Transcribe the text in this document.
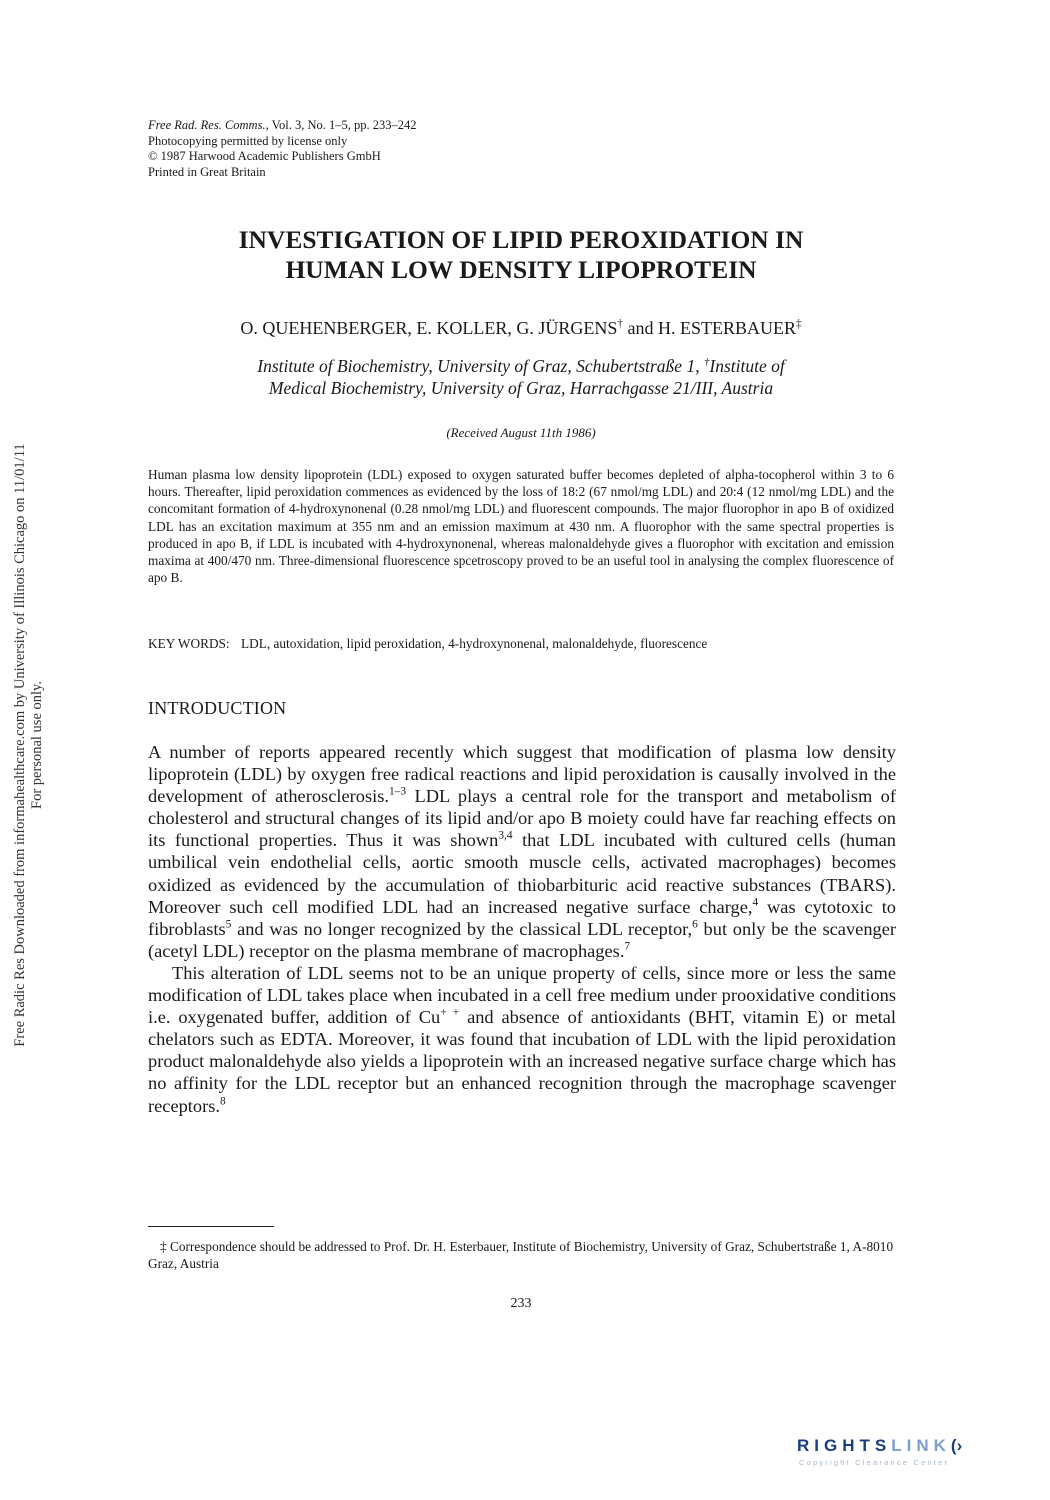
Free Radic Res Downloaded from informahealthcare.com by University of Illinois Chicago on 11/01/11 For personal use only.
Free Rad. Res. Comms., Vol. 3, No. 1–5, pp. 233–242
Photocopying permitted by license only
© 1987 Harwood Academic Publishers GmbH
Printed in Great Britain
INVESTIGATION OF LIPID PEROXIDATION IN
HUMAN LOW DENSITY LIPOPROTEIN
O. QUEHENBERGER, E. KOLLER, G. JÜRGENS† and H. ESTERBAUER‡
Institute of Biochemistry, University of Graz, Schubertstraße 1, †Institute of
Medical Biochemistry, University of Graz, Harrachgasse 21/III, Austria
(Received August 11th 1986)
Human plasma low density lipoprotein (LDL) exposed to oxygen saturated buffer becomes depleted of alpha-tocopherol within 3 to 6 hours. Thereafter, lipid peroxidation commences as evidenced by the loss of 18:2 (67 nmol/mg LDL) and 20:4 (12 nmol/mg LDL) and the concomitant formation of 4-hydroxynonenal (0.28 nmol/mg LDL) and fluorescent compounds. The major fluorophor in apo B of oxidized LDL has an excitation maximum at 355 nm and an emission maximum at 430 nm. A fluorophor with the same spectral properties is produced in apo B, if LDL is incubated with 4-hydroxynonenal, whereas malonaldehyde gives a fluorophor with excitation and emission maxima at 400/470 nm. Three-dimensional fluorescence spcetroscopy proved to be an useful tool in analysing the complex fluorescence of apo B.
KEY WORDS: LDL, autoxidation, lipid peroxidation, 4-hydroxynonenal, malonaldehyde, fluorescence
INTRODUCTION

A number of reports appeared recently which suggest that modification of plasma low density lipoprotein (LDL) by oxygen free radical reactions and lipid peroxidation is causally involved in the development of atherosclerosis.$^{1-3}$ LDL plays a central role for the transport and metabolism of cholesterol and structural changes of its lipid and/or apo B moiety could have far reaching effects on its functional properties. Thus it was shown$^{3,4}$ that LDL incubated with cultured cells (human umbilical vein endothelial cells, aortic smooth muscle cells, activated macrophages) becomes oxidized as evidenced by the accumulation of thiobarbituric acid reactive substances (TBARS). Moreover such cell modified LDL had an increased negative surface charge,$^4$ was cytotoxic to fibroblasts$^5$ and was no longer recognized by the classical LDL receptor,$^6$ but only be the scavenger (acetyl LDL) receptor on the plasma membrane of macrophages.$^7$

This alteration of LDL seems not to be an unique property of cells, since more or less the same modification of LDL takes place when incubated in a cell free medium under prooxidative conditions i.e. oxygenated buffer, addition of Cu+ + and absence of antioxidants (BHT, vitamin E) or metal chelators such as EDTA. Moreover, it was found that incubation of LDL with the lipid peroxidation product malonaldehyde also yields a lipoprotein with an increased negative surface charge which has no affinity for the LDL receptor but an enhanced recognition through the macrophage scavenger receptors.$^8$

‡ Correspondence should be addressed to Prof. Dr. H. Esterbauer, Institute of Biochemistry, University of Graz, Schubertstraße 1, A-8010 Graz, Austria
233
RIGHTSLINK(›
Copyright Clearance Center
